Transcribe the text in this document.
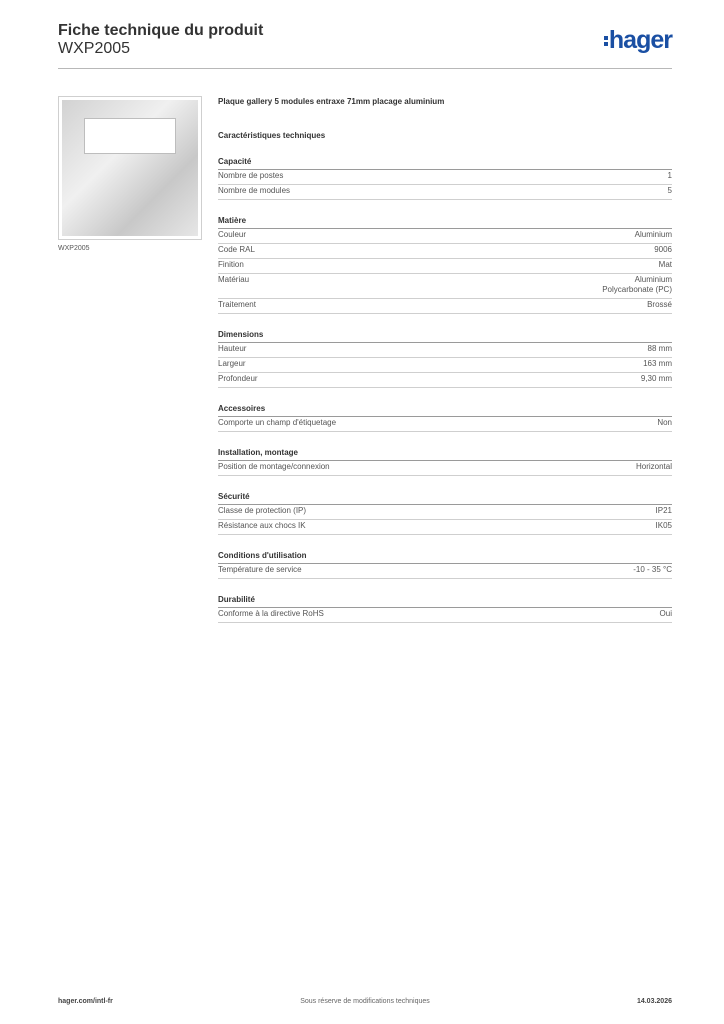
Fiche technique du produit
WXP2005	hager
WXP2005
Plaque gallery 5 modules entraxe 71mm placage aluminium
Caractéristiques techniques
Capacité
Nombre de postes	1
Nombre de modules	5
Matière
Couleur	Aluminium
Code RAL	9006
Finition	Mat
Matériau	Aluminium
Polycarbonate (PC)
Traitement	Brossé
Dimensions
Hauteur	88 mm
Largeur	163 mm
Profondeur	9,30 mm
Accessoires
Comporte un champ d'étiquetage	Non
Installation, montage
Position de montage/connexion	Horizontal
Sécurité
Classe de protection (IP)	IP21
Résistance aux chocs IK	IK05
Conditions d'utilisation
Température de service	-10 - 35 °C
Durabilité
Conforme à la directive RoHS	Oui
hager.com/intl-fr	Sous réserve de modifications techniques	14.03.2026
